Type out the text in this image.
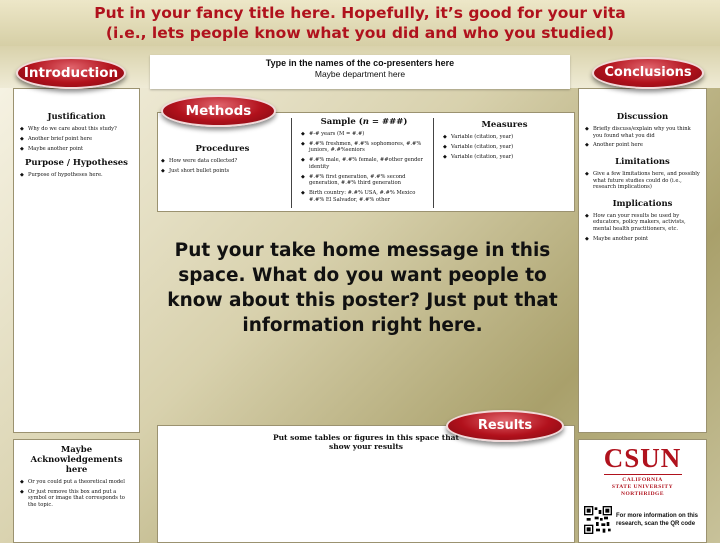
Put in your fancy title here. Hopefully, it’s good for your vita
(i.e., lets people know what you did and who you studied)
Type in the names of the co-presenters here
Maybe department here
Justification
◆ Why do we care about this study?
◆ Another brief point here
◆ Maybe another point
Purpose / Hypotheses
◆ Purpose of hypotheses here.
Introduction
Procedures
◆ How were data collected?
◆ Just short bullet points
Sample (n = ###)
◆ #-# years (M = #.#)
◆ #.#% freshmen, #.#% sophomores, #.#% juniors, #.#%seniors
◆ #.#% male, #.#% female, ##other gender identity
◆ #.#% first generation, #.#% second generation, #.#% third generation
◆ Birth country: #.#% USA, #.#% Mexico #.#% El Salvador, #.#% other
Measures
◆ Variable (citation, year)
◆ Variable (citation, year)
◆ Variable (citation, year)
Methods
Put your take home message in this
space. What do you want people to
know about this poster? Just put that
information right here.
Put some tables or figures in this space that
show your results
Results
Maybe Acknowledgements
here
◆ Or you could put a theoretical model
◆ Or just remove this box and put a symbol or image that corresponds to the topic.
Discussion
◆ Briefly discuss/explain why you think you found what you did
◆ Another point here
Limitations
◆ Give a few limitations here, and possibly what future studies could do (i.e., research implications)
Implications
◆ How can your results be used by educators, policy makers, activists, mental health practitioners, etc.
◆ Maybe another point
Conclusions
CSUN
CALIFORNIA
STATE UNIVERSITY
NORTHRIDGE
For more information on this
research, scan the QR code
